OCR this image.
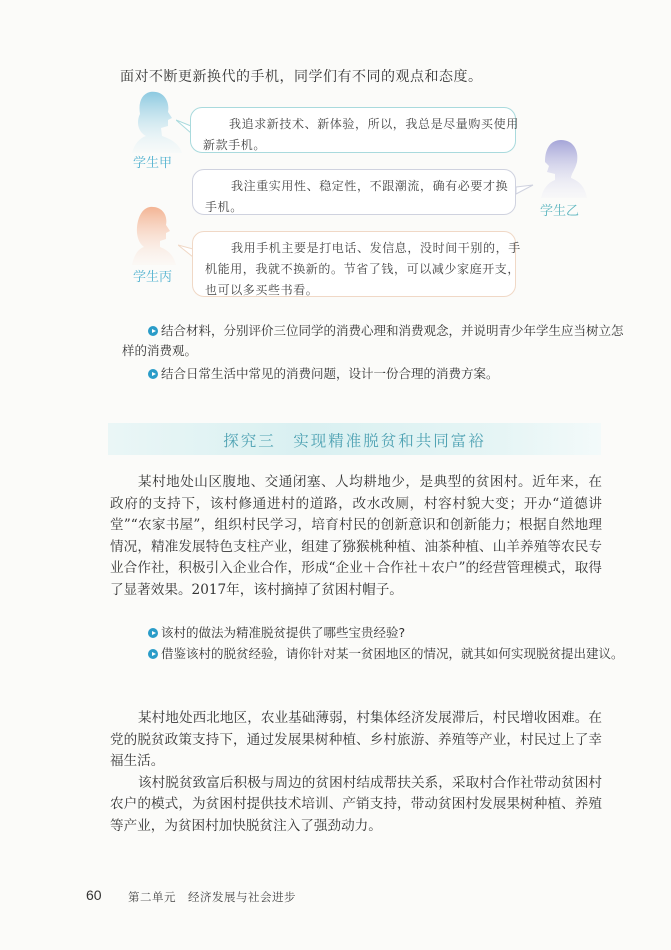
面对不断更新换代的手机，同学们有不同的观点和态度。
学生甲
学生乙
学生丙
我追求新技术、新体验，所以，我总是尽量购买使用
新款手机。
我注重实用性、稳定性，不跟潮流，确有必要才换
手机。
我用手机主要是打电话、发信息，没时间干别的，手
机能用，我就不换新的。节省了钱，可以减少家庭开支，
也可以多买些书看。
结合材料，分别评价三位同学的消费心理和消费观念，并说明青少年学生应当树立怎
样的消费观。
结合日常生活中常见的消费问题，设计一份合理的消费方案。
探究三　实现精准脱贫和共同富裕
某村地处山区腹地、交通闭塞、人均耕地少，是典型的贫困村。近年来，在
政府的支持下，该村修通进村的道路，改水改厕，村容村貌大变；开办“道德讲
堂”“农家书屋”，组织村民学习，培育村民的创新意识和创新能力；根据自然地理
情况，精准发展特色支柱产业，组建了猕猴桃种植、油茶种植、山羊养殖等农民专
业合作社，积极引入企业合作，形成“企业＋合作社＋农户”的经营管理模式，取得
了显著效果。2017年，该村摘掉了贫困村帽子。
该村的做法为精准脱贫提供了哪些宝贵经验?
借鉴该村的脱贫经验，请你针对某一贫困地区的情况，就其如何实现脱贫提出建议。
某村地处西北地区，农业基础薄弱，村集体经济发展滞后，村民增收困难。在
党的脱贫政策支持下，通过发展果树种植、乡村旅游、养殖等产业，村民过上了幸
福生活。
该村脱贫致富后积极与周边的贫困村结成帮扶关系，采取村合作社带动贫困村
农户的模式，为贫困村提供技术培训、产销支持，带动贫困村发展果树种植、养殖
等产业，为贫困村加快脱贫注入了强劲动力。
60 第二单元　经济发展与社会进步
